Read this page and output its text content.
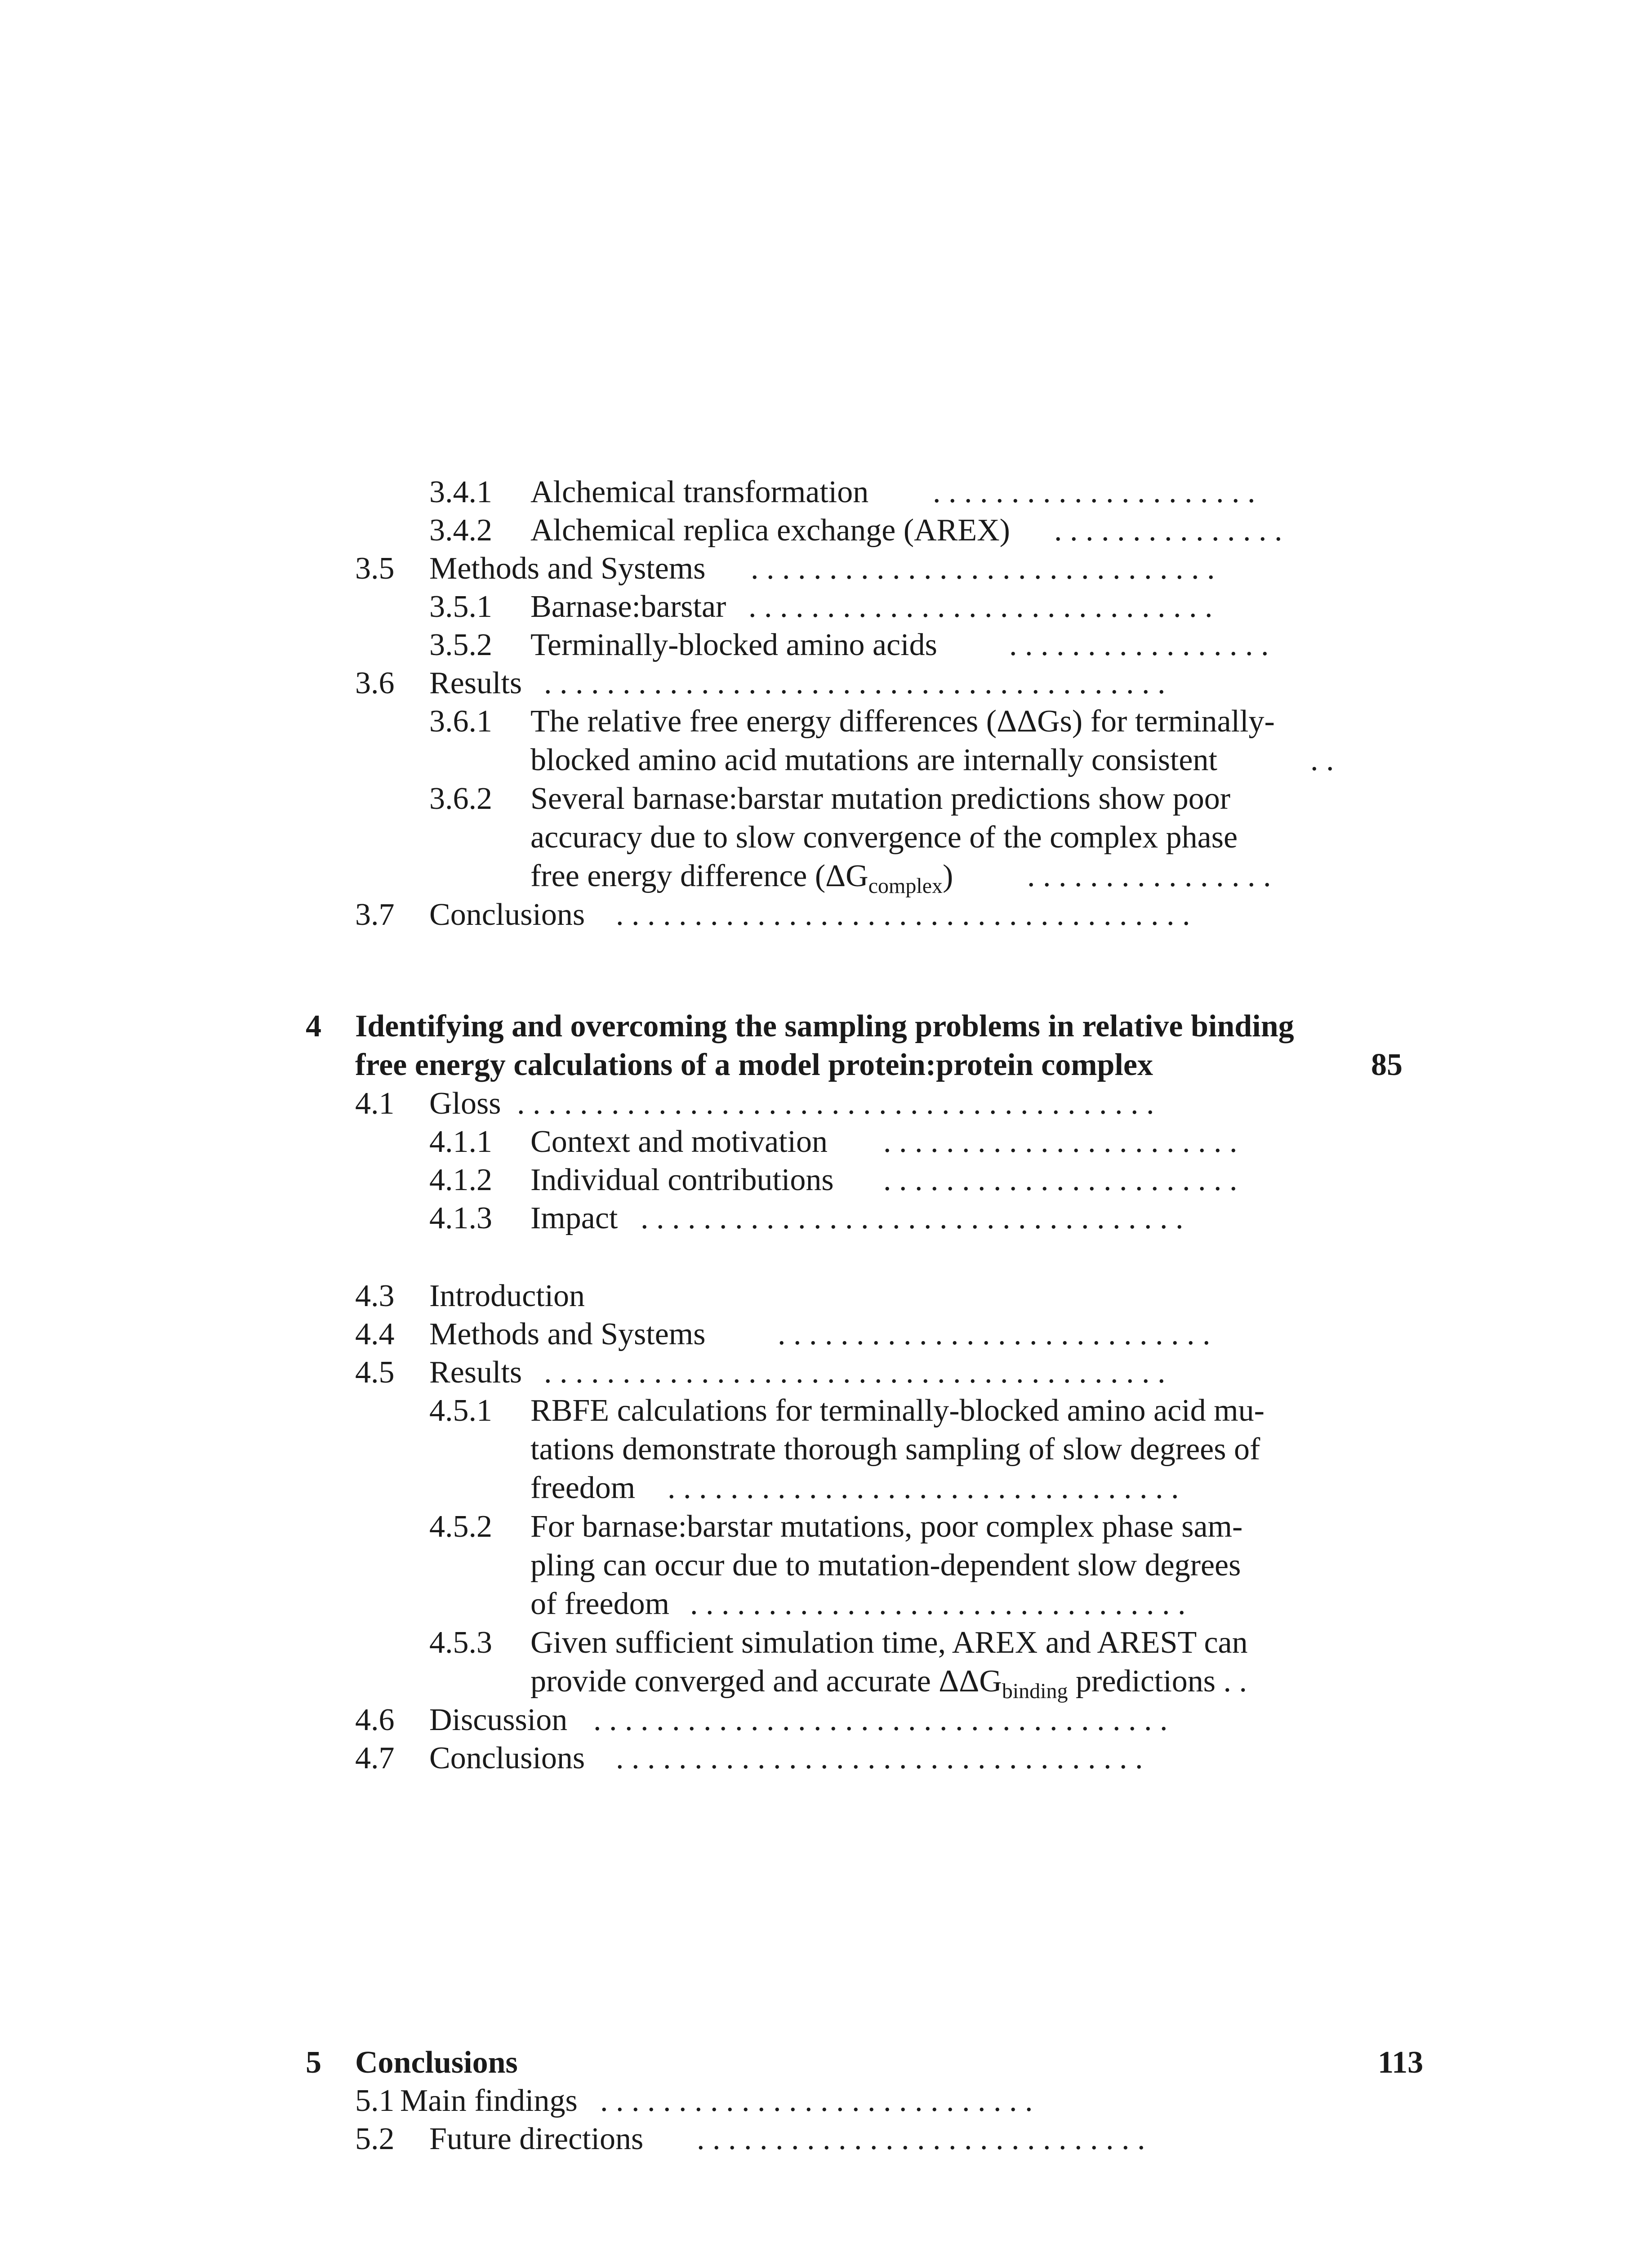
3.4.1 Alchemical transformation . . . . . . . . . . . . . . . . . . . . .
3.4.2 Alchemical replica exchange (AREX) . . . . . . . . . . . . . . .
3.5 Methods and Systems . . . . . . . . . . . . . . . . . . . . . . . . . . . . . .
3.5.1 Barnase:barstar . . . . . . . . . . . . . . . . . . . . . . . . . . . . . .
3.5.2 Terminally-blocked amino acids . . . . . . . . . . . . . . . . .
3.6 Results . . . . . . . . . . . . . . . . . . . . . . . . . . . . . . . . . . . . . . . .
3.6.1 The relative free energy differences (ΔΔGs) for terminally-
blocked amino acid mutations are internally consistent	. .
3.6.2 Several barnase:barstar mutation predictions show poor
accuracy due to slow convergence of the complex phase
free energy difference $(\Delta G_{complex})$ . . . . . . . . . . . . . . . .
3.7 Conclusions . . . . . . . . . . . . . . . . . . . . . . . . . . . . . . . . . . . . .
4 Identifying and overcoming the sampling problems in relative binding
free energy calculations of a model protein:protein complex	85
4.1 Gloss . . . . . . . . . . . . . . . . . . . . . . . . . . . . . . . . . . . . . . . . .
4.1.1 Context and motivation . . . . . . . . . . . . . . . . . . . . . . .
4.1.2 Individual contributions . . . . . . . . . . . . . . . . . . . . . . .
4.1.3 Impact . . . . . . . . . . . . . . . . . . . . . . . . . . . . . . . . . . .
4.3 Introduction
4.4 Methods and Systems . . . . . . . . . . . . . . . . . . . . . . . . . . . .
4.5 Results . . . . . . . . . . . . . . . . . . . . . . . . . . . . . . . . . . . . . . . .
4.5.1 RBFE calculations for terminally-blocked amino acid mu-
tations demonstrate thorough sampling of slow degrees of
freedom . . . . . . . . . . . . . . . . . . . . . . . . . . . . . . . . .
4.5.2 For barnase:barstar mutations, poor complex phase sam-
pling can occur due to mutation-dependent slow degrees
of freedom . . . . . . . . . . . . . . . . . . . . . . . . . . . . . . . .
4.5.3 Given sufficient simulation time, AREX and AREST can
provide converged and accurate $\Delta\Delta G_{binding}$ predictions . .
4.6 Discussion . . . . . . . . . . . . . . . . . . . . . . . . . . . . . . . . . . . . .
4.7 Conclusions . . . . . . . . . . . . . . . . . . . . . . . . . . . . . . . . . .
5 Conclusions	113
5.1 Main findings . . . . . . . . . . . . . . . . . . . . . . . . . . . .
5.2 Future directions . . . . . . . . . . . . . . . . . . . . . . . . . . . . .
